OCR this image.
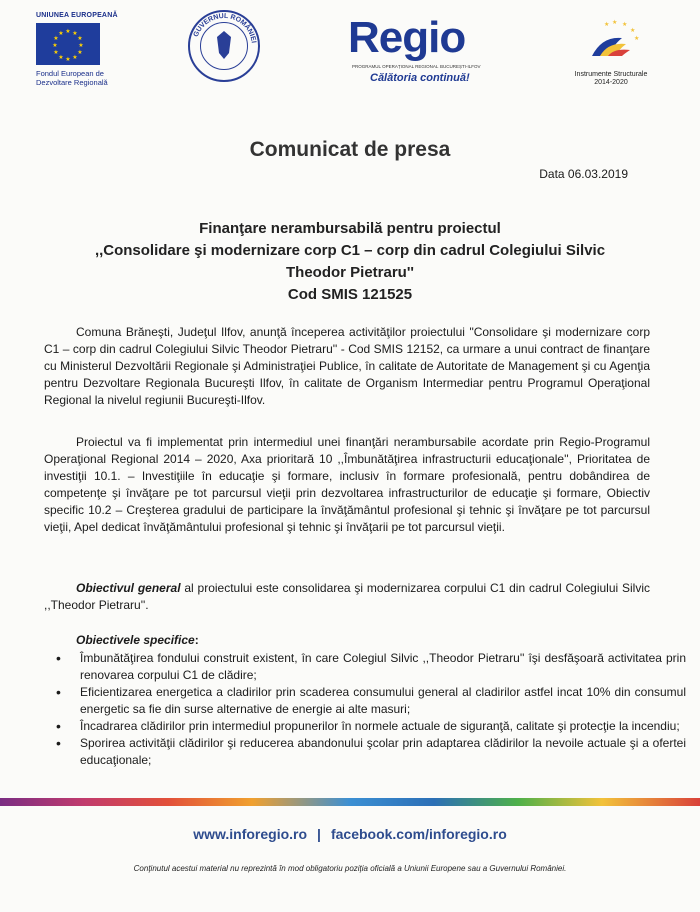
UNIUNEA EUROPEANĂ
★ ★
★
★
★
★
★
★
★
★
★
★
Fondul European de
Dezvoltare Regională
GUVERNUL ROMÂNIEI Regio
PROGRAMUL OPERAȚIONAL REGIONAL BUCUREȘTI-ILFOV
Călătoria continuă!
★ ★
★
★
★
Instrumente Structurale
2014-2020
Comunicat de presa
Data 06.03.2019
Finanţare nerambursabilă pentru proiectul
,,Consolidare şi modernizare corp C1 – corp din cadrul Colegiului Silvic
Theodor Pietraru''
Cod SMIS 121525

Comuna Brăneşti, Judeţul Ilfov, anunţă începerea activităţilor proiectului "Consolidare şi modernizare corp C1 – corp din cadrul Colegiului Silvic Theodor Pietraru'' - Cod SMIS 12152, ca urmare a unui contract de finanţare cu Ministerul Dezvoltării Regionale şi Administraţiei Publice, în calitate de Autoritate de Management şi cu Agenţia pentru Dezvoltare Regionala Bucureşti Ilfov, în calitate de Organism Intermediar pentru Programul Operaţional Regional la nivelul regiunii Bucureşti-Ilfov.

Proiectul va fi implementat prin intermediul unei finanţări nerambursabile acordate prin Regio-Programul Operaţional Regional 2014 – 2020, Axa prioritară 10 ,,Îmbunătăţirea infrastructurii educaţionale'', Prioritatea de investiţii 10.1. – Investiţiile în educaţie şi formare, inclusiv în formare profesională, pentru dobândirea de competenţe şi învăţare pe tot parcursul vieţii prin dezvoltarea infrastructurilor de educaţie şi formare, Obiectiv specific 10.2 – Creşterea gradului de participare la învăţământul profesional şi tehnic şi învăţare pe tot parcursul vieţii, Apel dedicat învăţământului profesional şi tehnic şi învăţarii pe tot parcursul vieţii.

Obiectivul general al proiectului este consolidarea şi modernizarea corpului C1 din cadrul Colegiului Silvic ,,Theodor Pietraru''.
Obiectivele specifice:
• Îmbunătăţirea fondului construit existent, în care Colegiul Silvic ,,Theodor Pietraru'' îşi desfăşoară activitatea prin renovarea corpului C1 de clădire;
• Eficientizarea energetica a cladirilor prin scaderea consumului general al cladirilor astfel incat 10% din consumul energetic sa fie din surse alternative de energie ai alte masuri;
• Încadrarea clădirilor prin intermediul propunerilor în normele actuale de siguranţă, calitate şi protecţie la incendiu;
• Sporirea activităţii clădirilor şi reducerea abandonului şcolar prin adaptarea clădirilor la nevoile actuale şi a ofertei educaţionale;
www.inforegio.ro | facebook.com/inforegio.ro
Conţinutul acestui material nu reprezintă în mod obligatoriu poziţia oficială a Uniunii Europene sau a Guvernului României.
